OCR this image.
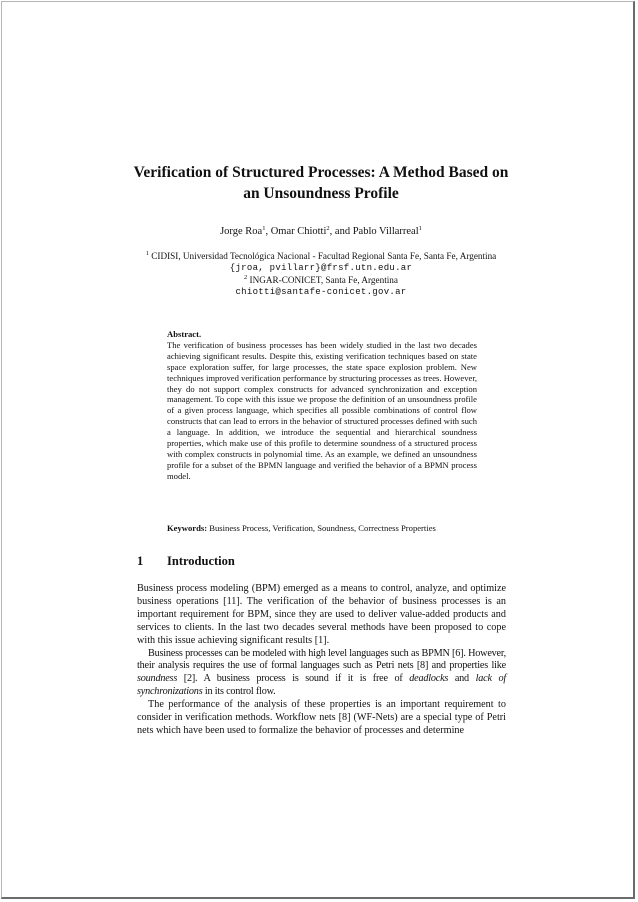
Verification of Structured Processes: A Method Based on
an Unsoundness Profile
Jorge Roa$^1$, Omar Chiotti$^2$, and Pablo Villarreal$^1$
$^1$ CIDISI, Universidad Tecnológica Nacional - Facultad Regional Santa Fe, Santa Fe, Argentina
{jroa, pvillarr}@frsf.utn.edu.ar
$^2$ INGAR-CONICET, Santa Fe, Argentina
chiotti@santafe-conicet.gov.ar
Abstract.
The verification of business processes has been widely studied in the last two decades achieving significant results. Despite this, existing verification techniques based on state space exploration suffer, for large processes, the state space explosion problem. New techniques improved verification performance by structuring processes as trees. However, they do not support complex constructs for advanced synchronization and exception management. To cope with this issue we propose the definition of an unsoundness profile of a given process language, which specifies all possible combinations of control flow constructs that can lead to errors in the behavior of structured processes defined with such a language. In addition, we introduce the sequential and hierarchical soundness properties, which make use of this profile to determine soundness of a structured process with complex constructs in polynomial time. As an example, we defined an unsoundness profile for a subset of the BPMN language and verified the behavior of a BPMN process model.
Keywords: Business Process, Verification, Soundness, Correctness Properties
1 Introduction

Business process modeling (BPM) emerged as a means to control, analyze, and optimize business operations [11]. The verification of the behavior of business processes is an important requirement for BPM, since they are used to deliver value-added products and services to clients. In the last two decades several methods have been proposed to cope with this issue achieving significant results [1].

Business processes can be modeled with high level languages such as BPMN [6]. However, their analysis requires the use of formal languages such as Petri nets [8] and properties like soundness [2]. A business process is sound if it is free of deadlocks and lack of synchronizations in its control flow.

The performance of the analysis of these properties is an important requirement to consider in verification methods. Workflow nets [8] (WF-Nets) are a special type of Petri nets which have been used to formalize the behavior of processes and determine
